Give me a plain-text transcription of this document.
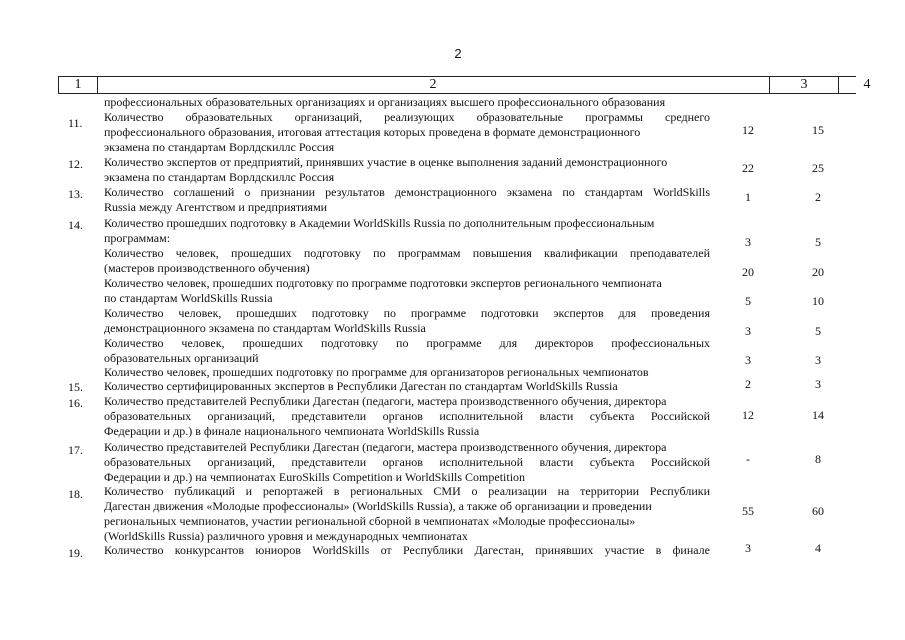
2
1	2	3	4
профессиональных образовательных организациях и организациях высшего профессионального образования
11.	Количество образовательных организаций, реализующих образовательные программы среднего
профессионального образования, итоговая аттестация которых проведена в формате демонстрационного
экзамена по стандартам Ворлдскиллс Россия
12	15
12.	Количество экспертов от предприятий, принявших участие в оценке выполнения заданий демонстрационного
экзамена по стандартам Ворлдскиллс Россия
22	25
13.	Количество соглашений о признании результатов демонстрационного экзамена по стандартам WorldSkills
Russia между Агентством и предприятиями
1	2
14.	Количество прошедших подготовку в Академии WorldSkills Russia по дополнительным профессиональным
программам:
Количество человек, прошедших подготовку по программам повышения квалификации преподавателей
(мастеров производственного обучения)
3	5
Количество человек, прошедших подготовку по программе подготовки экспертов регионального чемпионата
по стандартам WorldSkills Russia
20	20
Количество человек, прошедших подготовку по программе подготовки экспертов для проведения
демонстрационного экзамена по стандартам WorldSkills Russia
5	10
Количество человек, прошедших подготовку по программе для директоров профессиональных
образовательных организаций
3	5
Количество человек, прошедших подготовку по программе для организаторов региональных чемпионатов
3	3
15.	Количество сертифицированных экспертов в Республики Дагестан по стандартам WorldSkills Russia	2	3
16.	Количество представителей Республики Дагестан (педагоги, мастера производственного обучения, директора
образовательных организаций, представители органов исполнительной власти субъекта Российской
Федерации и др.) в финале национального чемпионата WorldSkills Russia
12	14
17.	Количество представителей Республики Дагестан (педагоги, мастера производственного обучения, директора
образовательных организаций, представители органов исполнительной власти субъекта Российской
Федерации и др.) на чемпионатах EuroSkills Competition и WorldSkills Competition
-	8
18.	Количество публикаций и репортажей в региональных СМИ о реализации на территории Республики
Дагестан движения «Молодые профессионалы» (WorldSkills Russia), а также об организации и проведении
региональных чемпионатов, участии региональной сборной в чемпионатах «Молодые профессионалы»
(WorldSkills Russia) различного уровня и международных чемпионатах
55	60
19.	Количество конкурсантов юниоров WorldSkills от Республики Дагестан, принявших участие в финале	3	4
